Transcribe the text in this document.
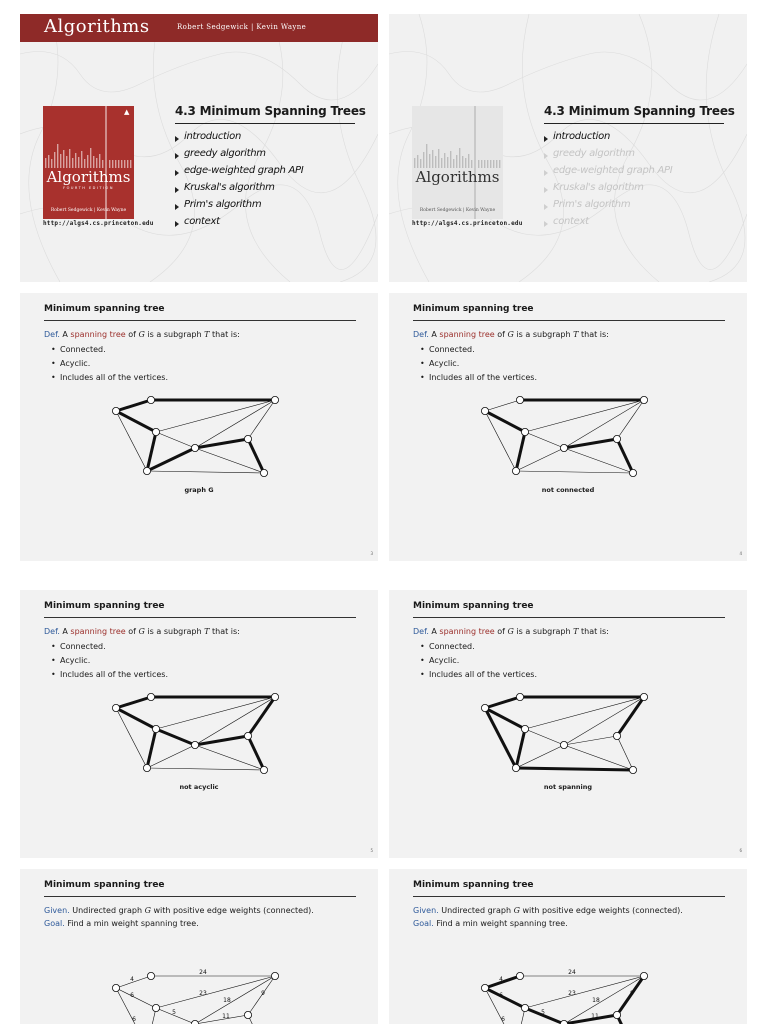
Algorithms	Robert Sedgewick | Kevin Wayne
▲
Algorithms
FOURTH EDITION
Robert Sedgewick | Kevin Wayne
http://algs4.cs.princeton.edu
4.3 Minimum Spanning Trees
introduction
greedy algorithm
edge-weighted graph API
Kruskal's algorithm
Prim's algorithm
context
Algorithms
Robert Sedgewick | Kevin Wayne
http://algs4.cs.princeton.edu
4.3 Minimum Spanning Trees
introduction
greedy algorithm
edge-weighted graph API
Kruskal's algorithm
Prim's algorithm
context
Minimum spanning tree
Def. A spanning tree of G is a subgraph T that is:
• Connected.
• Acyclic.
• Includes all of the vertices.
graph G
3
Minimum spanning tree
Def. A spanning tree of G is a subgraph T that is:
• Connected.
• Acyclic.
• Includes all of the vertices.
not connected
4
Minimum spanning tree
Def. A spanning tree of G is a subgraph T that is:
• Connected.
• Acyclic.
• Includes all of the vertices.
not acyclic
5
Minimum spanning tree
Def. A spanning tree of G is a subgraph T that is:
• Connected.
• Acyclic.
• Includes all of the vertices.
not spanning
6
Minimum spanning tree
Given. Undirected graph G with positive edge weights (connected).
Goal. Find a min weight spanning tree.
4
24
6	23
18
9
5
11
6
Minimum spanning tree
Given. Undirected graph G with positive edge weights (connected).
Goal. Find a min weight spanning tree.
4
24
6	23
18
9
5
11
6
